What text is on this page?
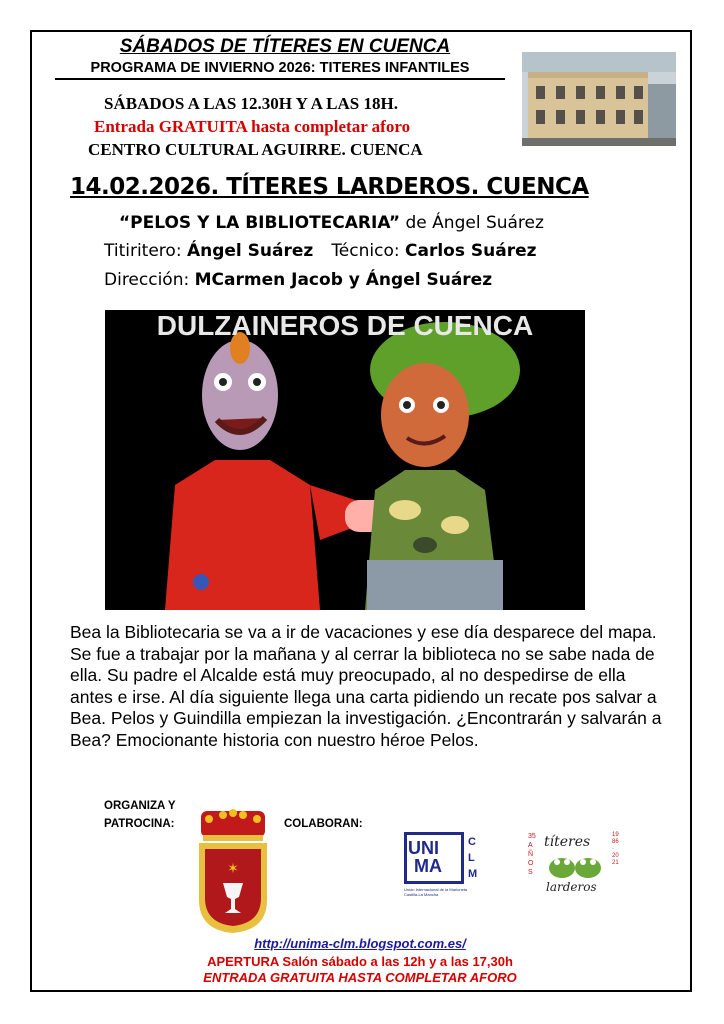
SÁBADOS DE TÍTERES EN CUENCA
PROGRAMA DE INVIERNO 2026: TITERES INFANTILES
SÁBADOS A LAS 12.30H Y A LAS 18H.
Entrada GRATUITA hasta completar aforo
CENTRO CULTURAL AGUIRRE. CUENCA
14.02.2026. TÍTERES LARDEROS. CUENCA
“PELOS Y LA BIBLIOTECARIA” de Ángel Suárez
Titiritero: Ángel Suárez Técnico: Carlos Suárez
Dirección: MCarmen Jacob y Ángel Suárez
DULZAINEROS DE CUENCA
Bea la Bibliotecaria se va a ir de vacaciones y ese día desparece del mapa. Se fue a trabajar por la mañana y al cerrar la biblioteca no se sabe nada de ella. Su padre el Alcalde está muy preocupado, al no despedirse de ella antes e irse. Al día siguiente llega una carta pidiendo un recate pos salvar a Bea. Pelos y Guindilla empiezan la investigación. ¿Encontrarán y salvarán a Bea? Emocionante historia con nuestro héroe Pelos.
ORGANIZA Y
PATROCINA:	COLABORAN:
✶
UNI
MA
CLM
Unión Internacional de la Marioneta Castilla-La Mancha
35 AÑOS
1986 · 2021
títeres
larderos
http://unima-clm.blogspot.com.es/
APERTURA Salón sábado a las 12h y a las 17,30h
ENTRADA GRATUITA HASTA COMPLETAR AFORO
